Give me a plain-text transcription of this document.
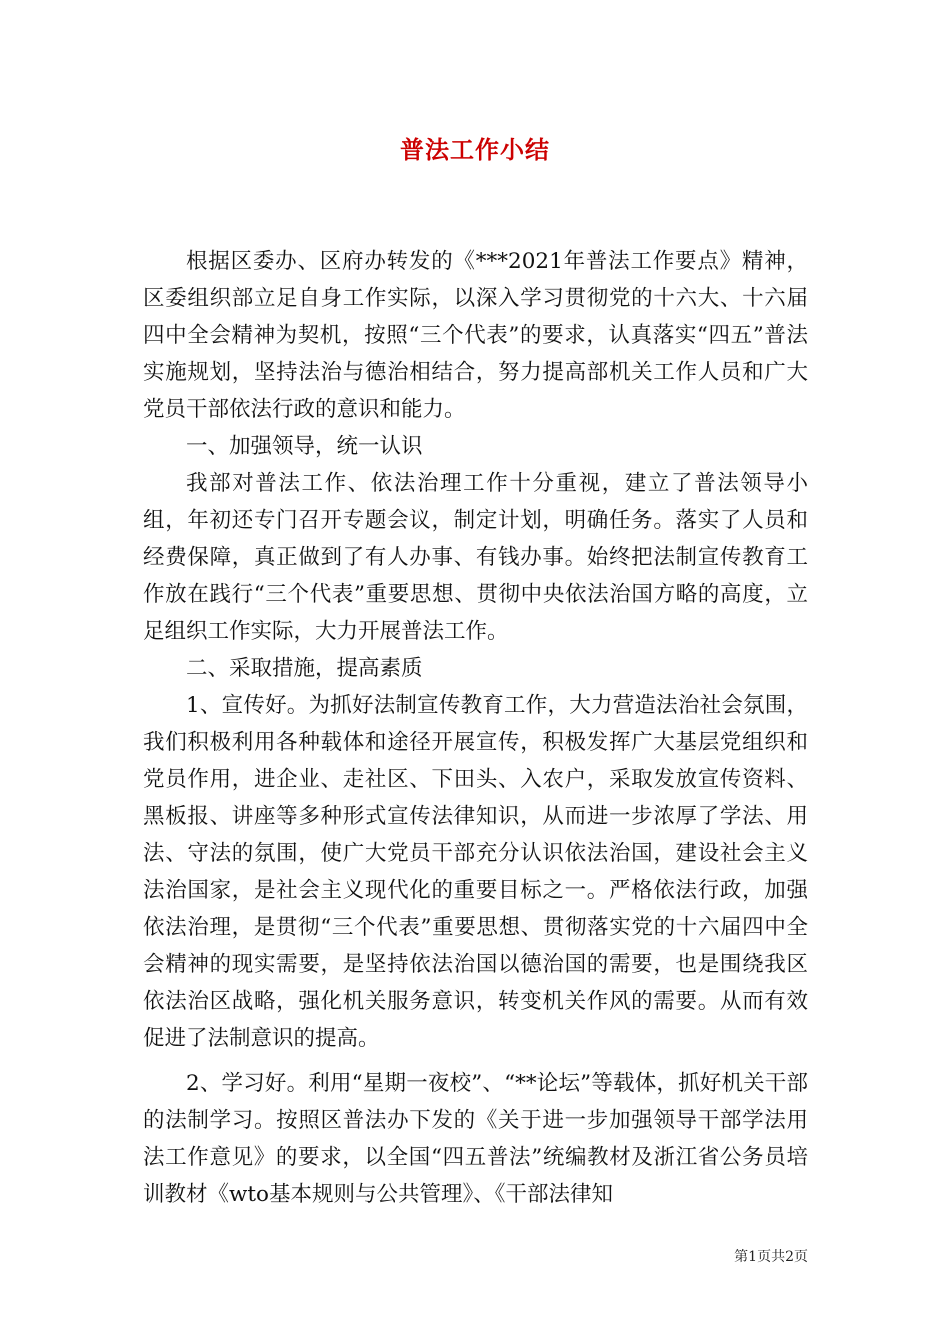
普法工作小结

根据区委办、区府办转发的《***2021年普法工作要点》精神，区委组织部立足自身工作实际，以深入学习贯彻党的十六大、十六届四中全会精神为契机，按照“三个代表”的要求，认真落实“四五”普法实施规划，坚持法治与德治相结合，努力提高部机关工作人员和广大党员干部依法行政的意识和能力。

一、加强领导，统一认识

我部对普法工作、依法治理工作十分重视，建立了普法领导小组，年初还专门召开专题会议，制定计划，明确任务。落实了人员和经费保障，真正做到了有人办事、有钱办事。始终把法制宣传教育工作放在践行“三个代表”重要思想、贯彻中央依法治国方略的高度，立足组织工作实际，大力开展普法工作。

二、采取措施，提高素质

1、宣传好。为抓好法制宣传教育工作，大力营造法治社会氛围，我们积极利用各种载体和途径开展宣传，积极发挥广大基层党组织和党员作用，进企业、走社区、下田头、入农户，采取发放宣传资料、黑板报、讲座等多种形式宣传法律知识，从而进一步浓厚了学法、用法、守法的氛围，使广大党员干部充分认识依法治国，建设社会主义法治国家，是社会主义现代化的重要目标之一。严格依法行政，加强依法治理，是贯彻“三个代表”重要思想、贯彻落实党的十六届四中全会精神的现实需要，是坚持依法治国以德治国的需要，也是围绕我区依法治区战略，强化机关服务意识，转变机关作风的需要。从而有效促进了法制意识的提高。

2、学习好。利用“星期一夜校”、“**论坛”等载体，抓好机关干部的法制学习。按照区普法办下发的《关于进一步加强领导干部学法用法工作意见》的要求，以全国“四五普法”统编教材及浙江省公务员培训教材《wto基本规则与公共管理》、《干部法律知

第1页共2页
